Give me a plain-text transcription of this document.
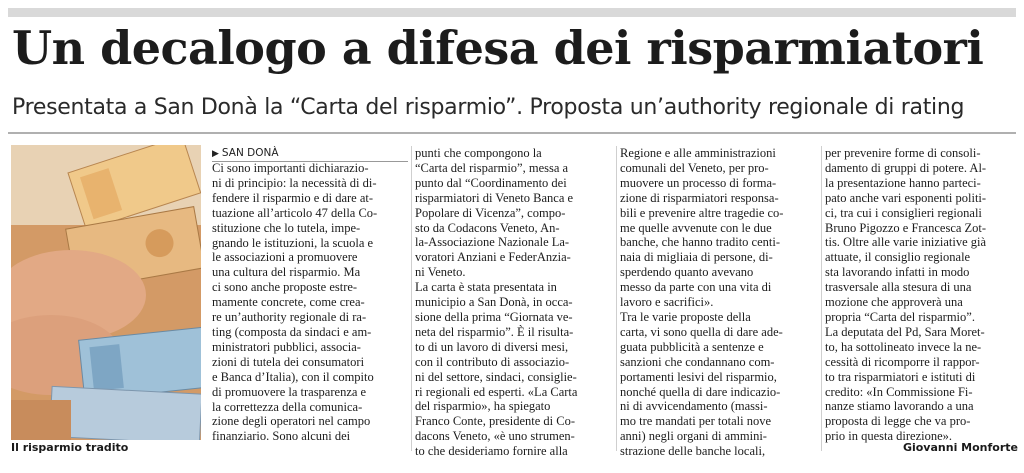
Un decalogo a difesa dei risparmiatori
Presentata a San Donà la “Carta del risparmio”. Proposta un’authority regionale di rating
Il risparmio tradito
▶ SAN DONÀ
Ci sono importanti dichiarazio-
ni di principio: la necessità di di-
fendere il risparmio e di dare at-
tuazione all’articolo 47 della Co-
stituzione che lo tutela, impe-
gnando le istituzioni, la scuola e
le associazioni a promuovere
una cultura del risparmio. Ma
ci sono anche proposte estre-
mamente concrete, come crea-
re un’authority regionale di ra-
ting (composta da sindaci e am-
ministratori pubblici, associa-
zioni di tutela dei consumatori
e Banca d’Italia), con il compito
di promuovere la trasparenza e
la correttezza della comunica-
zione degli operatori nel campo
finanziario. Sono alcuni dei
punti che compongono la
“Carta del risparmio”, messa a
punto dal “Coordinamento dei
risparmiatori di Veneto Banca e
Popolare di Vicenza”, compo-
sto da Codacons Veneto, An-
la-Associazione Nazionale La-
voratori Anziani e FederAnzia-
ni Veneto.
La carta è stata presentata in
municipio a San Donà, in occa-
sione della prima “Giornata ve-
neta del risparmio”. È il risulta-
to di un lavoro di diversi mesi,
con il contributo di associazio-
ni del settore, sindaci, consiglie-
ri regionali ed esperti. «La Carta
del risparmio», ha spiegato
Franco Conte, presidente di Co-
dacons Veneto, «è uno strumen-
to che desideriamo fornire alla
Regione e alle amministrazioni
comunali del Veneto, per pro-
muovere un processo di forma-
zione di risparmiatori responsa-
bili e prevenire altre tragedie co-
me quelle avvenute con le due
banche, che hanno tradito centi-
naia di migliaia di persone, di-
sperdendo quanto avevano
messo da parte con una vita di
lavoro e sacrifici».
Tra le varie proposte della
carta, vi sono quella di dare ade-
guata pubblicità a sentenze e
sanzioni che condannano com-
portamenti lesivi del risparmio,
nonché quella di dare indicazio-
ni di avvicendamento (massi-
mo tre mandati per totali nove
anni) negli organi di ammini-
strazione delle banche locali,
per prevenire forme di consoli-
damento di gruppi di potere. Al-
la presentazione hanno parteci-
pato anche vari esponenti politi-
ci, tra cui i consiglieri regionali
Bruno Pigozzo e Francesca Zot-
tis. Oltre alle varie iniziative già
attuate, il consiglio regionale
sta lavorando infatti in modo
trasversale alla stesura di una
mozione che approverà una
propria “Carta del risparmio”.
La deputata del Pd, Sara Moret-
to, ha sottolineato invece la ne-
cessità di ricomporre il rappor-
to tra risparmiatori e istituti di
credito: «In Commissione Fi-
nanze stiamo lavorando a una
proposta di legge che va pro-
prio in questa direzione».
Giovanni Monforte
